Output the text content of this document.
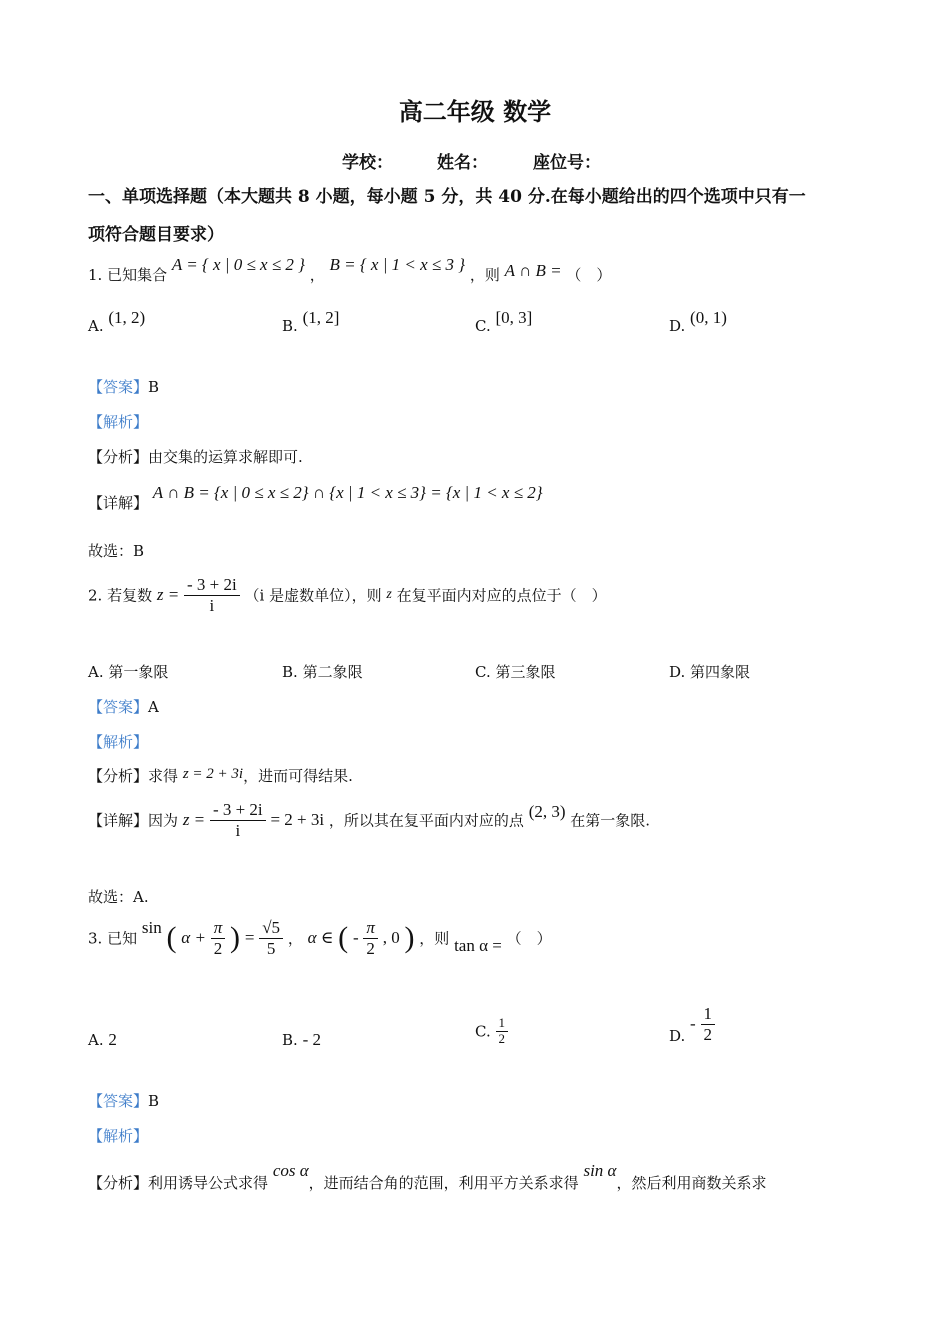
高二年级 数学
学校：	姓名：	座位号：
一、单项选择题（本大题共 8 小题，每小题 5 分，共 40 分.在每小题给出的四个选项中只有一
项符合题目要求）
1. 已知集合 A = { x | 0 ≤ x ≤ 2 } ， B = { x | 1 < x ≤ 3 } ，则 A ∩ B = （　）
A. (1, 2)	B. (1, 2]	C. [0, 3]	D. (0, 1)
【答案】B
【解析】
【分析】由交集的运算求解即可.
【详解】 A ∩ B = {x | 0 ≤ x ≤ 2} ∩ {x | 1 < x ≤ 3} = {x | 1 < x ≤ 2}
故选：B
2. 若复数 $z = \frac{- 3 + 2i}{i} (i$ 是虚数单位），则 z 在复平面内对应的点位于（　）
A. 第一象限	B. 第二象限	C. 第三象限	D. 第四象限
【答案】A
【解析】
【分析】求得 z = 2 + 3i，进而可得结果.
【详解】因为 $z = \frac{- 3 + 2i}{i} = 2 + 3i$ ，所以其在复平面内对应的点 (2, 3) 在第一象限.
故选：A.
3. 已知 sin ( $\alpha + \frac{\pi}{2}$ ) = $\frac{√5}{5}$ ， α ∈ ( - $\frac{\pi}{2}$ , 0 ) ，则 tan α = （　）
A. 2	B. - 2	C. $\frac{1}{2}$	D. - $\frac{1}{2}$
【答案】B
【解析】
【分析】利用诱导公式求得 cos α，进而结合角的范围，利用平方关系求得 sin α，然后利用商数关系求
